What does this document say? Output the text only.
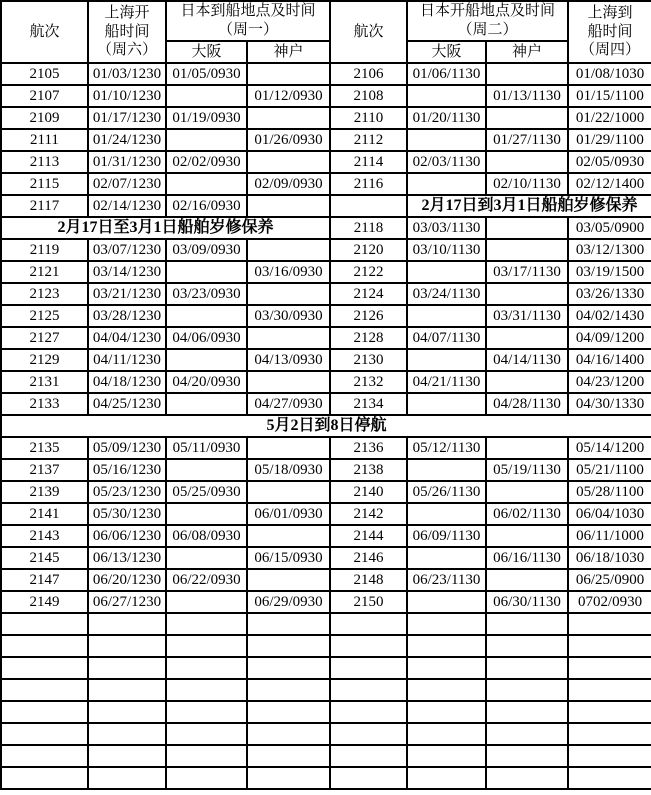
航次	上海开
船时间
（周六）	日本到船地点及时间
（周一）		航次	日本开船地点及时间
（周二）		上海到
船时间
（周四）
		大阪	神户		大阪	神户	
2105	01/03/1230	01/05/0930		2106	01/06/1130		01/08/1030
2107	01/10/1230		01/12/0930	2108		01/13/1130	01/15/1100
2109	01/17/1230	01/19/0930		2110	01/20/1130		01/22/1000
2111	01/24/1230		01/26/0930	2112		01/27/1130	01/29/1100
2113	01/31/1230	02/02/0930		2114	02/03/1130		02/05/0930
2115	02/07/1230		02/09/0930	2116		02/10/1130	02/12/1400
2117	02/14/1230	02/16/0930			2月17日到3月1日船舶岁修保养		
2月17日至3月1日船舶岁修保养				2118	03/03/1130		03/05/0900
2119	03/07/1230	03/09/0930		2120	03/10/1130		03/12/1300
2121	03/14/1230		03/16/0930	2122		03/17/1130	03/19/1500
2123	03/21/1230	03/23/0930		2124	03/24/1130		03/26/1330
2125	03/28/1230		03/30/0930	2126		03/31/1130	04/02/1430
2127	04/04/1230	04/06/0930		2128	04/07/1130		04/09/1200
2129	04/11/1230		04/13/0930	2130		04/14/1130	04/16/1400
2131	04/18/1230	04/20/0930		2132	04/21/1130		04/23/1200
2133	04/25/1230		04/27/0930	2134		04/28/1130	04/30/1330
5月2日到8日停航							
2135	05/09/1230	05/11/0930		2136	05/12/1130		05/14/1200
2137	05/16/1230		05/18/0930	2138		05/19/1130	05/21/1100
2139	05/23/1230	05/25/0930		2140	05/26/1130		05/28/1100
2141	05/30/1230		06/01/0930	2142		06/02/1130	06/04/1030
2143	06/06/1230	06/08/0930		2144	06/09/1130		06/11/1000
2145	06/13/1230		06/15/0930	2146		06/16/1130	06/18/1030
2147	06/20/1230	06/22/0930		2148	06/23/1130		06/25/0900
2149	06/27/1230		06/29/0930	2150		06/30/1130	0702/0930
